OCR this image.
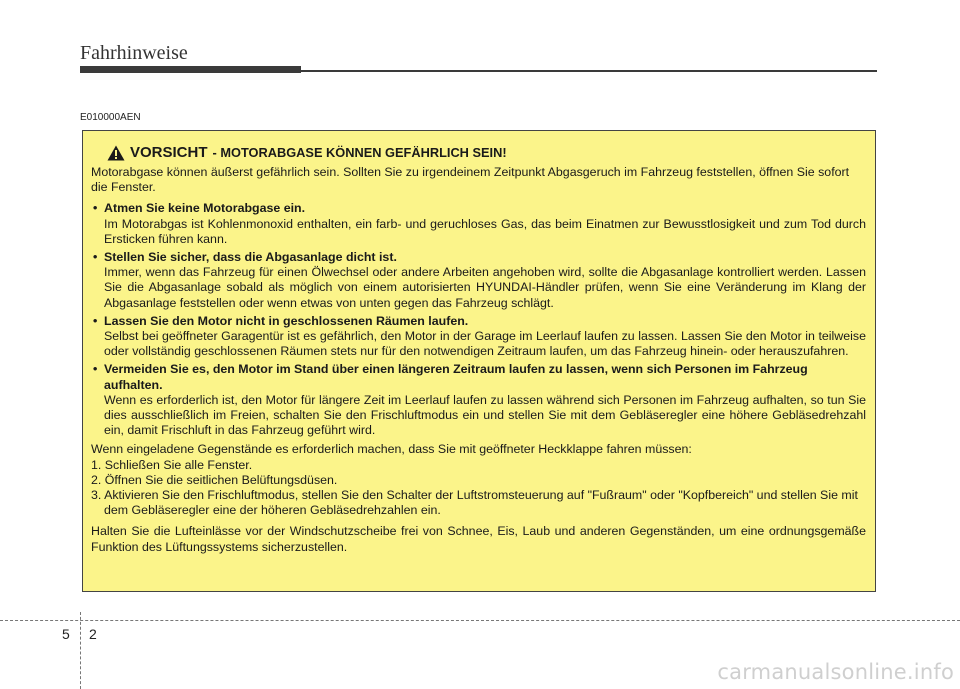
Fahrhinweise
E010000AEN
VORSICHT - MOTORABGASE KÖNNEN GEFÄHRLICH SEIN!

Motorabgase können äußerst gefährlich sein. Sollten Sie zu irgendeinem Zeitpunkt Abgasgeruch im Fahrzeug feststellen, öffnen Sie sofort die Fenster.

• Atmen Sie keine Motorabgase ein.
Im Motorabgas ist Kohlenmonoxid enthalten, ein farb- und geruchloses Gas, das beim Einatmen zur Bewusstlosigkeit und zum Tod durch Ersticken führen kann.
• Stellen Sie sicher, dass die Abgasanlage dicht ist.
Immer, wenn das Fahrzeug für einen Ölwechsel oder andere Arbeiten angehoben wird, sollte die Abgasanlage kontrolliert werden. Lassen Sie die Abgasanlage sobald als möglich von einem autorisierten HYUNDAI-Händler prüfen, wenn Sie eine Veränderung im Klang der Abgasanlage feststellen oder wenn etwas von unten gegen das Fahrzeug schlägt.
• Lassen Sie den Motor nicht in geschlossenen Räumen laufen.
Selbst bei geöffneter Garagentür ist es gefährlich, den Motor in der Garage im Leerlauf laufen zu lassen. Lassen Sie den Motor in teilweise oder vollständig geschlossenen Räumen stets nur für den notwendigen Zeitraum laufen, um das Fahrzeug hinein- oder herauszufahren.
• Vermeiden Sie es, den Motor im Stand über einen längeren Zeitraum laufen zu lassen, wenn sich Personen im Fahrzeug aufhalten.
Wenn es erforderlich ist, den Motor für längere Zeit im Leerlauf laufen zu lassen während sich Personen im Fahrzeug aufhalten, so tun Sie dies ausschließlich im Freien, schalten Sie den Frischluftmodus ein und stellen Sie mit dem Gebläseregler eine höhere Gebläsedrehzahl ein, damit Frischluft in das Fahrzeug geführt wird.

Wenn eingeladene Gegenstände es erforderlich machen, dass Sie mit geöffneter Heckklappe fahren müssen:

1. Schließen Sie alle Fenster.
2. Öffnen Sie die seitlichen Belüftungsdüsen.
3. Aktivieren Sie den Frischluftmodus, stellen Sie den Schalter der Luftstromsteuerung auf "Fußraum" oder "Kopfbereich" und stellen Sie mit dem Gebläseregler eine der höheren Gebläsedrehzahlen ein.

Halten Sie die Lufteinlässe vor der Windschutzscheibe frei von Schnee, Eis, Laub und anderen Gegenständen, um eine ordnungsgemäße Funktion des Lüftungssystems sicherzustellen.

5 2
carmanualsonline.info
